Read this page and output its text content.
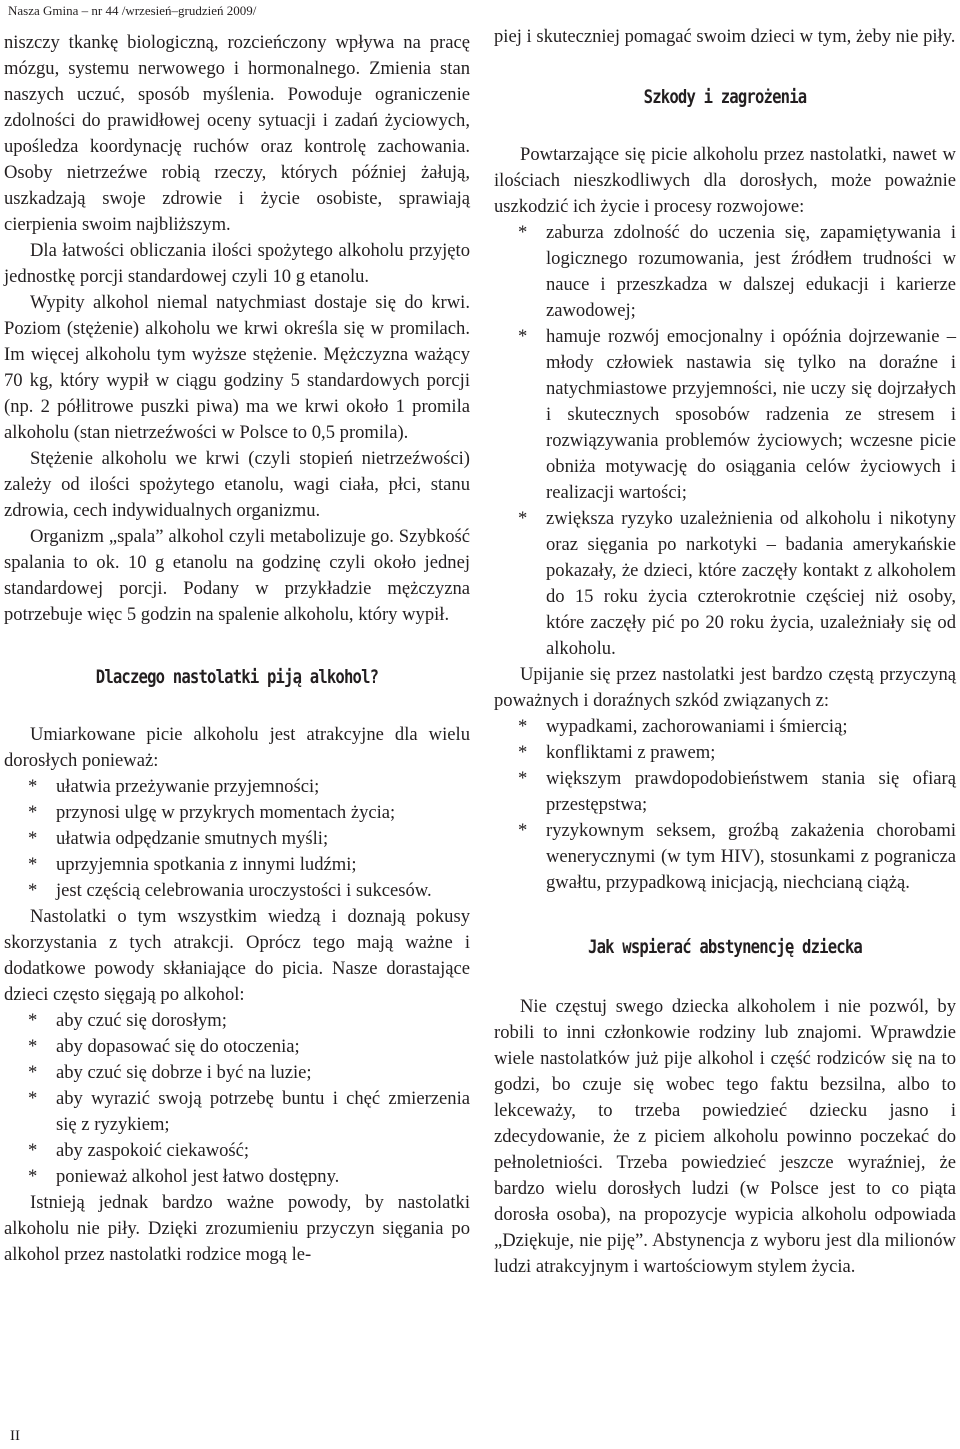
Nasza Gmina – nr 44 /wrzesień–grudzień 2009/

niszczy tkankę biologiczną, rozcieńczony wpływa na pracę mózgu, systemu nerwowego i hormonalnego. Zmienia stan naszych uczuć, sposób myślenia. Powoduje ograniczenie zdolności do prawidłowej oceny sytuacji i zadań życiowych, upośledza koordynację ruchów oraz kontrolę zachowania. Osoby nietrzeźwe robią rzeczy, których później żałują, uszkadzają swoje zdrowie i życie osobiste, sprawiają cierpienia swoim najbliższym.

Dla łatwości obliczania ilości spożytego alkoholu przyjęto jednostkę porcji standardowej czyli 10 g etanolu.

Wypity alkohol niemal natychmiast dostaje się do krwi. Poziom (stężenie) alkoholu we krwi określa się w promilach. Im więcej alkoholu tym wyższe stężenie. Mężczyzna ważący 70 kg, który wypił w ciągu godziny 5 standardowych porcji (np. 2 półlitrowe puszki piwa) ma we krwi około 1 promila alkoholu (stan nietrzeźwości w Polsce to 0,5 promila).

Stężenie alkoholu we krwi (czyli stopień nietrzeźwości) zależy od ilości spożytego etanolu, wagi ciała, płci, stanu zdrowia, cech indywidualnych organizmu.

Organizm „spala” alkohol czyli metabolizuje go. Szybkość spalania to ok. 10 g etanolu na godzinę czyli około jednej standardowej porcji. Podany w przykładzie mężczyzna potrzebuje więc 5 godzin na spalenie alkoholu, który wypił.

Dlaczego nastolatki piją alkohol?

Umiarkowane picie alkoholu jest atrakcyjne dla wielu dorosłych ponieważ:

* ułatwia przeżywanie przyjemności;
* przynosi ulgę w przykrych momentach życia;
* ułatwia odpędzanie smutnych myśli;
* uprzyjemnia spotkania z innymi ludźmi;
* jest częścią celebrowania uroczystości i sukcesów.

Nastolatki o tym wszystkim wiedzą i doznają pokusy skorzystania z tych atrakcji. Oprócz tego mają ważne i dodatkowe powody skłaniające do picia. Nasze dorastające dzieci często sięgają po alkohol:

* aby czuć się dorosłym;
* aby dopasować się do otoczenia;
* aby czuć się dobrze i być na luzie;
* aby wyrazić swoją potrzebę buntu i chęć zmierzenia się z ryzykiem;
* aby zaspokoić ciekawość;
* ponieważ alkohol jest łatwo dostępny.

Istnieją jednak bardzo ważne powody, by nastolatki alkoholu nie piły. Dzięki zrozumieniu przyczyn sięgania po alkohol przez nastolatki rodzice mogą le-

piej i skuteczniej pomagać swoim dzieci w tym, żeby nie piły.

Szkody i zagrożenia

Powtarzające się picie alkoholu przez nastolatki, nawet w ilościach nieszkodliwych dla dorosłych, może poważnie uszkodzić ich życie i procesy rozwojowe:

* zaburza zdolność do uczenia się, zapamiętywania i logicznego rozumowania, jest źródłem trudności w nauce i przeszkadza w dalszej edukacji i karierze zawodowej;
* hamuje rozwój emocjonalny i opóźnia dojrzewanie – młody człowiek nastawia się tylko na doraźne i natychmiastowe przyjemności, nie uczy się dojrzałych i skutecznych sposobów radzenia ze stresem i rozwiązywania problemów życiowych; wczesne picie obniża motywację do osiągania celów życiowych i realizacji wartości;
* zwiększa ryzyko uzależnienia od alkoholu i nikotyny oraz sięgania po narkotyki – badania amerykańskie pokazały, że dzieci, które zaczęły kontakt z alkoholem do 15 roku życia czterokrotnie częściej niż osoby, które zaczęły pić po 20 roku życia, uzależniały się od alkoholu.

Upijanie się przez nastolatki jest bardzo częstą przyczyną poważnych i doraźnych szkód związanych z:

* wypadkami, zachorowaniami i śmiercią;
* konfliktami z prawem;
* większym prawdopodobieństwem stania się ofiarą przestępstwa;
* ryzykownym seksem, groźbą zakażenia chorobami wenerycznymi (w tym HIV), stosunkami z pogranicza gwałtu, przypadkową inicjacją, niechcianą ciążą.
Jak wspierać abstynencję dziecka

Nie częstuj swego dziecka alkoholem i nie pozwól, by robili to inni członkowie rodziny lub znajomi. Wprawdzie wiele nastolatków już pije alkohol i część rodziców się na to godzi, bo czuje się wobec tego faktu bezsilna, albo to lekceważy, to trzeba powiedzieć dziecku jasno i zdecydowanie, że z piciem alkoholu powinno poczekać do pełnoletniości. Trzeba powiedzieć jeszcze wyraźniej, że bardzo wielu dorosłych ludzi (w Polsce jest to co piąta dorosła osoba), na propozycje wypicia alkoholu odpowiada „Dziękuje, nie piję”. Abstynencja z wyboru jest dla milionów ludzi atrakcyjnym i wartościowym stylem życia.

II
